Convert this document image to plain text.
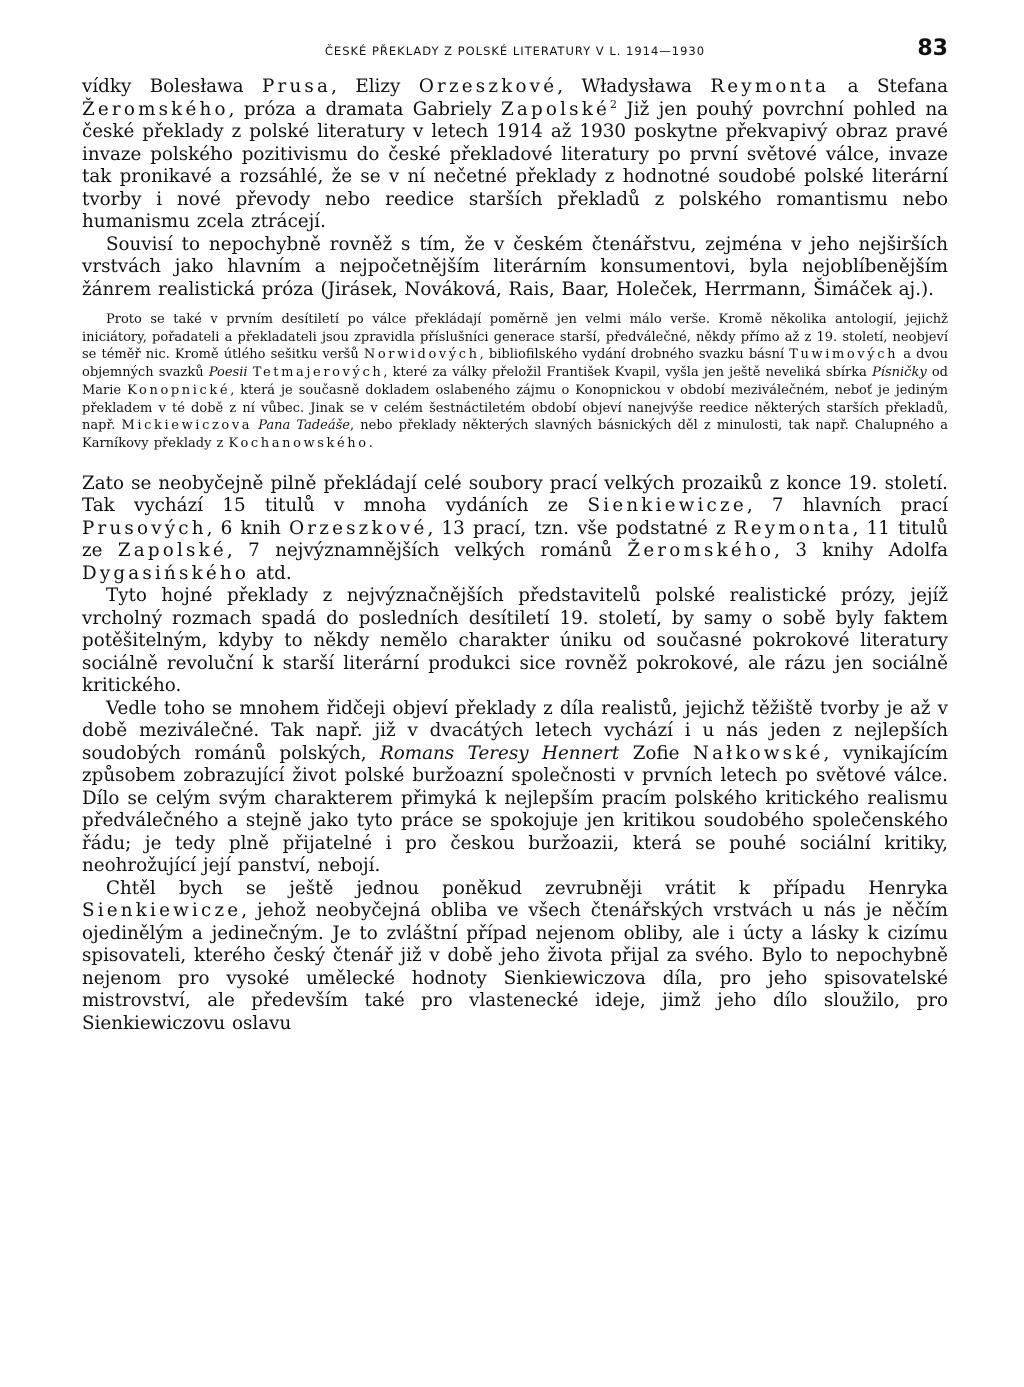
ČESKÉ PŘEKLADY Z POLSKÉ LITERATURY V L. 1914—1930	83

vídky Bolesława Prusa, Elizy Orzeszkové, Władysława Reymonta a Stefana Žeromského, próza a dramata Gabriely Zapolské$^2$ Již jen pouhý povrchní pohled na české překlady z polské literatury v letech 1914 až 1930 poskytne překvapivý obraz pravé invaze polského pozitivismu do české překladové literatury po první světové válce, invaze tak pronikavé a rozsáhlé, že se v ní nečetné překlady z hodnotné soudobé polské literární tvorby i nové převody nebo reedice starších překladů z polského romantismu nebo humanismu zcela ztrácejí.

Souvisí to nepochybně rovněž s tím, že v českém čtenářstvu, zejména v jeho nejširších vrstvách jako hlavním a nejpočetnějším literárním konsumentovi, byla nejoblíbenějším žánrem realistická próza (Jirásek, Nováková, Rais, Baar, Holeček, Herrmann, Šimáček aj.).

Proto se také v prvním desítiletí po válce překládají poměrně jen velmi málo verše. Kromě několika antologií, jejichž iniciátory, pořadateli a překladateli jsou zpravidla příslušníci generace starší, předválečné, někdy přímo až z 19. století, neobjeví se téměř nic. Kromě útlého sešitku veršů Norwidových, bibliofilského vydání drobného svazku básní Tuwimových a dvou objemných svazků Poesii Tetmajerových, které za války přeložil František Kvapil, vyšla jen ještě neveliká sbírka Písničky od Marie Konopnické, která je současně dokladem oslabeného zájmu o Konopnickou v období meziválečném, neboť je jediným překladem v té době z ní vůbec. Jinak se v celém šestnáctiletém období objeví nanejvýše reedice některých starších překladů, např. Mickiewiczova Pana Tadeáše, nebo překlady některých slavných básnických děl z minulosti, tak např. Chalupného a Karníkovy překlady z Kochanowského.

Zato se neobyčejně pilně překládají celé soubory prací velkých prozaiků z konce 19. století. Tak vychází 15 titulů v mnoha vydáních ze Sienkiewicze, 7 hlavních prací Prusových, 6 knih Orzeszkové, 13 prací, tzn. vše podstatné z Reymonta, 11 titulů ze Zapolské, 7 nejvýznamnějších velkých románů Žeromského, 3 knihy Adolfa Dygasińského atd.

Tyto hojné překlady z nejvýznačnějších představitelů polské realistické prózy, jejíž vrcholný rozmach spadá do posledních desítiletí 19. století, by samy o sobě byly faktem potěšitelným, kdyby to někdy nemělo charakter úniku od současné pokrokové literatury sociálně revoluční k starší literární produkci sice rovněž pokrokové, ale rázu jen sociálně kritického.

Vedle toho se mnohem řidčeji objeví překlady z díla realistů, jejichž těžiště tvorby je až v době meziválečné. Tak např. již v dvacátých letech vychází i u nás jeden z nejlepších soudobých románů polských, Romans Teresy Hennert Zofie Nałkowské, vynikajícím způsobem zobrazující život polské buržoazní společnosti v prvních letech po světové válce. Dílo se celým svým charakterem přimyká k nejlepším pracím polského kritického realismu předválečného a stejně jako tyto práce se spokojuje jen kritikou soudobého společenského řádu; je tedy plně přijatelné i pro českou buržoazii, která se pouhé sociální kritiky, neohrožující její panství, nebojí.

Chtěl bych se ještě jednou poněkud zevrubněji vrátit k případu Henryka Sienkiewicze, jehož neobyčejná obliba ve všech čtenářských vrstvách u nás je něčím ojedinělým a jedinečným. Je to zvláštní případ nejenom obliby, ale i úcty a lásky k cizímu spisovateli, kterého český čtenář již v době jeho života přijal za svého. Bylo to nepochybně nejenom pro vysoké umělecké hodnoty Sienkiewiczova díla, pro jeho spisovatelské mistrovství, ale především také pro vlastenecké ideje, jimž jeho dílo sloužilo, pro Sienkiewiczovu oslavu
